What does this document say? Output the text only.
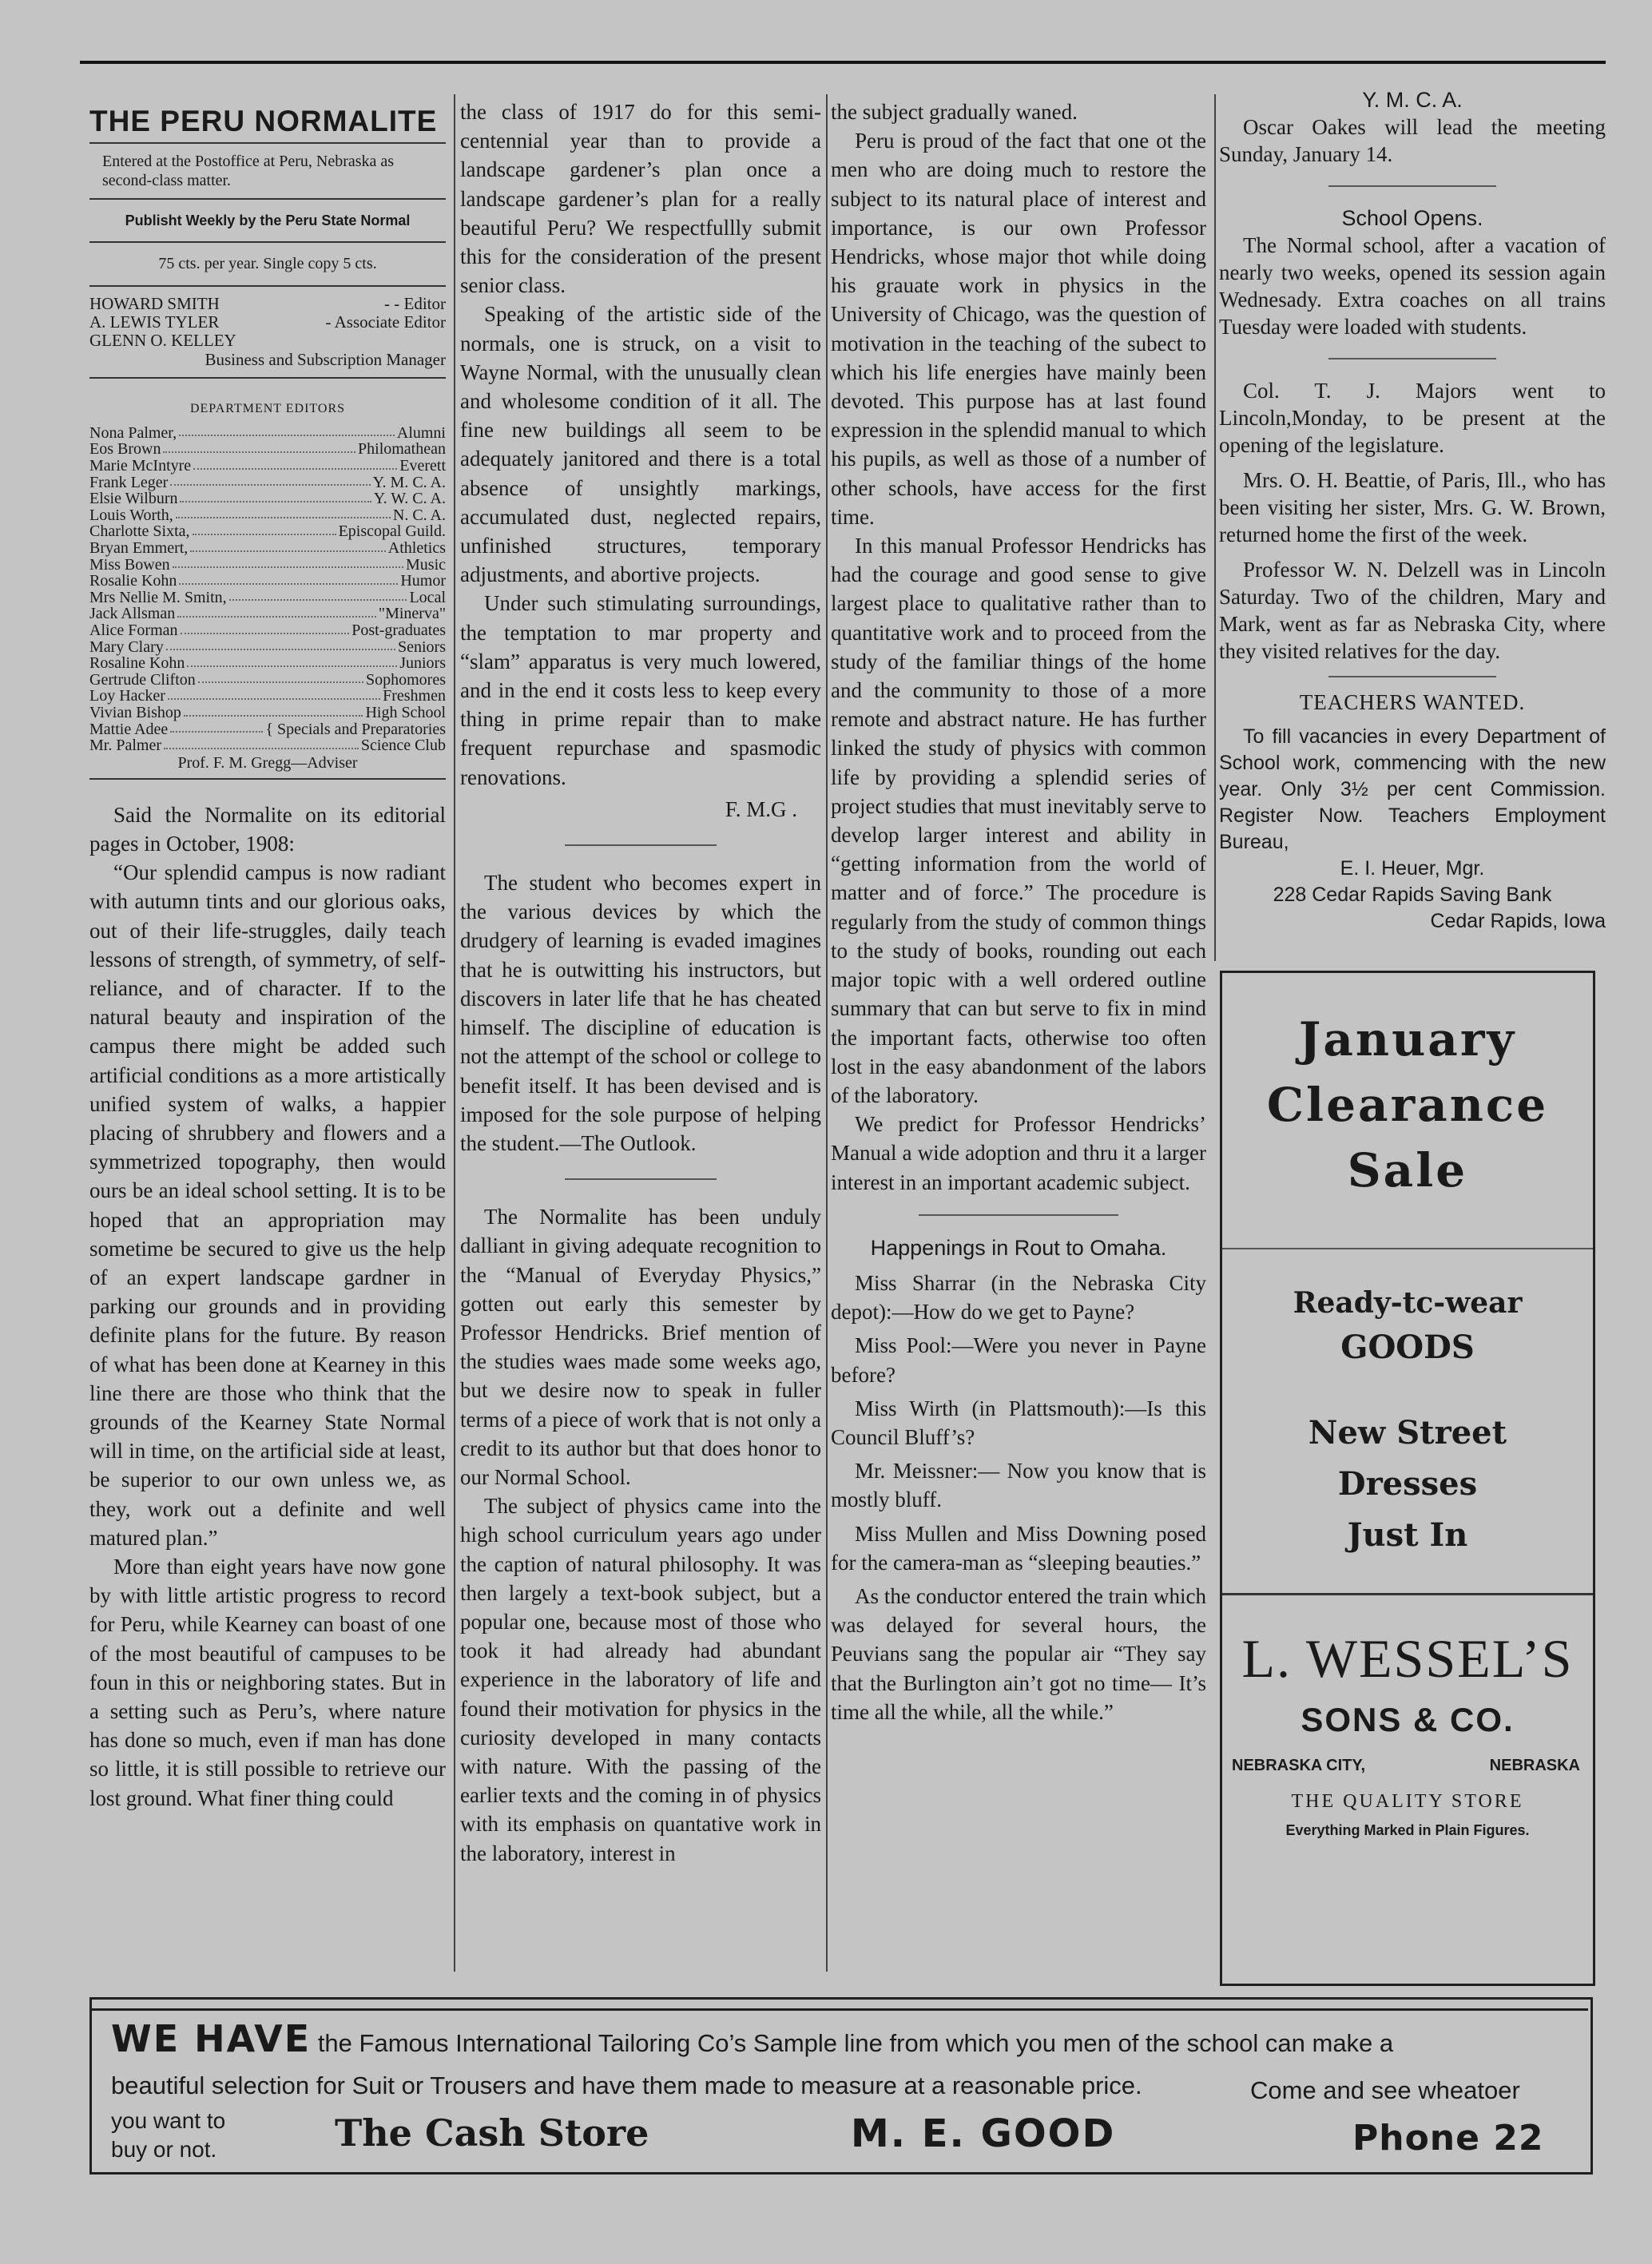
THE PERU NORMALITE
Entered at the Postoffice at Peru, Nebraska as second-class matter.
Publisht Weekly by the Peru State Normal
75 cts. per year. Single copy 5 cts.
HOWARD SMITH	- - Editor
A. LEWIS TYLER	- Associate Editor
GLENN O. KELLEY
Business and Subscription Manager
DEPARTMENT EDITORS
Nona Palmer,	Alumni
Eos Brown	Philomathean
Marie McIntyre	Everett
Frank Leger	Y. M. C. A.
Elsie Wilburn	Y. W. C. A.
Louis Worth,	N. C. A.
Charlotte Sixta,	Episcopal Guild.
Bryan Emmert,	Athletics
Miss Bowen	Music
Rosalie Kohn	Humor
Mrs Nellie M. Smitn,	Local
Jack Allsman	"Minerva"
Alice Forman	Post-graduates
Mary Clary	Seniors
Rosaline Kohn	Juniors
Gertrude Clifton	Sophomores
Loy Hacker	Freshmen
Vivian Bishop	High School
Mattie Adee	{ Specials and Preparatories
Mr. Palmer	Science Club
Prof. F. M. Gregg—Adviser

Said the Normalite on its editorial pages in October, 1908:

“Our splendid campus is now radiant with autumn tints and our glorious oaks, out of their life-struggles, daily teach lessons of strength, of symmetry, of self-reliance, and of character. If to the natural beauty and inspiration of the campus there might be added such artificial conditions as a more artistically unified system of walks, a happier placing of shrubbery and flowers and a symmetrized topography, then would ours be an ideal school setting. It is to be hoped that an appropriation may sometime be secured to give us the help of an expert landscape gardner in parking our grounds and in providing definite plans for the future. By reason of what has been done at Kearney in this line there are those who think that the grounds of the Kearney State Normal will in time, on the artificial side at least, be superior to our own unless we, as they, work out a definite and well matured plan.”

More than eight years have now gone by with little artistic progress to record for Peru, while Kearney can boast of one of the most beautiful of campuses to be foun in this or neighboring states. But in a setting such as Peru’s, where nature has done so much, even if man has done so little, it is still possible to retrieve our lost ground. What finer thing could

the class of 1917 do for this semi-centennial year than to provide a landscape gardener’s plan once a landscape gardener’s plan for a really beautiful Peru? We respectfullly submit this for the consideration of the present senior class.

Speaking of the artistic side of the normals, one is struck, on a visit to Wayne Normal, with the unusually clean and wholesome condition of it all. The fine new buildings all seem to be adequately janitored and there is a total absence of unsightly markings, accumulated dust, neglected repairs, unfinished structures, temporary adjustments, and abortive projects.

Under such stimulating surroundings, the temptation to mar property and “slam” apparatus is very much lowered, and in the end it costs less to keep every thing in prime repair than to make frequent repurchase and spasmodic renovations.

F. M.G .

The student who becomes expert in the various devices by which the drudgery of learning is evaded imagines that he is outwitting his instructors, but discovers in later life that he has cheated himself. The discipline of education is not the attempt of the school or college to benefit itself. It has been devised and is imposed for the sole purpose of helping the student.—The Outlook.

The Normalite has been unduly dalliant in giving adequate recognition to the “Manual of Everyday Physics,” gotten out early this semester by Professor Hendricks. Brief mention of the studies waes made some weeks ago, but we desire now to speak in fuller terms of a piece of work that is not only a credit to its author but that does honor to our Normal School.

The subject of physics came into the high school curriculum years ago under the caption of natural philosophy. It was then largely a text-book subject, but a popular one, because most of those who took it had already had abundant experience in the laboratory of life and found their motivation for physics in the curiosity developed in many contacts with nature. With the passing of the earlier texts and the coming in of physics with its emphasis on quantative work in the laboratory, interest in

the subject gradually waned.

Peru is proud of the fact that one ot the men who are doing much to restore the subject to its natural place of interest and importance, is our own Professor Hendricks, whose major thot while doing his grauate work in physics in the University of Chicago, was the question of motivation in the teaching of the subect to which his life energies have mainly been devoted. This purpose has at last found expression in the splendid manual to which his pupils, as well as those of a number of other schools, have access for the first time.

In this manual Professor Hendricks has had the courage and good sense to give largest place to qualitative rather than to quantitative work and to proceed from the study of the familiar things of the home and the community to those of a more remote and abstract nature. He has further linked the study of physics with common life by providing a splendid series of project studies that must inevitably serve to develop larger interest and ability in “getting information from the world of matter and of force.” The procedure is regularly from the study of common things to the study of books, rounding out each major topic with a well ordered outline summary that can but serve to fix in mind the important facts, otherwise too often lost in the easy abandonment of the labors of the laboratory.

We predict for Professor Hendricks’ Manual a wide adoption and thru it a larger interest in an important academic subject.

Happenings in Rout to Omaha.

Miss Sharrar (in the Nebraska City depot):—How do we get to Payne?

Miss Pool:—Were you never in Payne before?

Miss Wirth (in Plattsmouth):—Is this Council Bluff’s?

Mr. Meissner:— Now you know that is mostly bluff.

Miss Mullen and Miss Downing posed for the camera-man as “sleeping beauties.”

As the conductor entered the train which was delayed for several hours, the Peuvians sang the popular air “They say that the Burlington ain’t got no time— It’s time all the while, all the while.”

Y. M. C. A.

Oscar Oakes will lead the meeting Sunday, January 14.

School Opens.

The Normal school, after a vacation of nearly two weeks, opened its session again Wednesady. Extra coaches on all trains Tuesday were loaded with students.

Col. T. J. Majors went to Lincoln,Monday, to be present at the opening of the legislature.

Mrs. O. H. Beattie, of Paris, Ill., who has been visiting her sister, Mrs. G. W. Brown, returned home the first of the week.

Professor W. N. Delzell was in Lincoln Saturday. Two of the children, Mary and Mark, went as far as Nebraska City, where they visited relatives for the day.

TEACHERS WANTED.

To fill vacancies in every Department of School work, commencing with the new year. Only 3½ per cent Commission. Register Now. Teachers Employment Bureau,

E. I. Heuer, Mgr.
228 Cedar Rapids Saving Bank
Cedar Rapids, Iowa
January
Clearance
Sale
Ready-tc-wear
GOODS
New Street
Dresses
Just In
L. WESSEL’S
SONS & CO.
NEBRASKA CITY,	NEBRASKA
THE QUALITY STORE
Everything Marked in Plain Figures.
WE HAVE the Famous International Tailoring Co’s Sample line from which you men of the school can make a
beautiful selection for Suit or Trousers and have them made to measure at a reasonable price.	Come and see wheatoer
you want to
buy or not.	The Cash Store	M. E. GOOD	Phone 22
